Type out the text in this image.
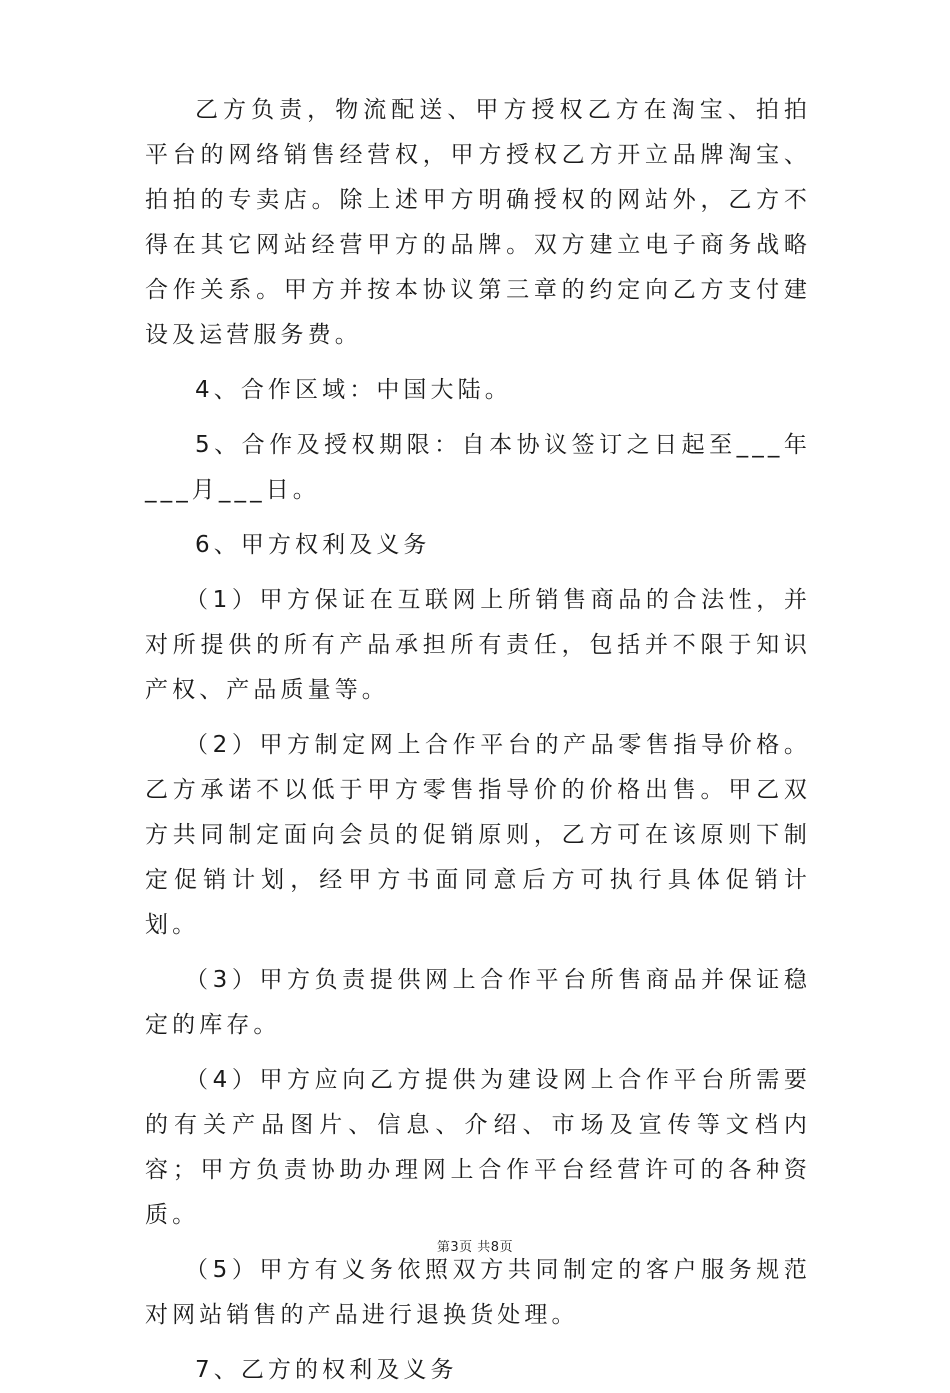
乙方负责，物流配送、甲方授权乙方在淘宝、拍拍平台的网络销售经营权，甲方授权乙方开立品牌淘宝、拍拍的专卖店。除上述甲方明确授权的网站外，乙方不得在其它网站经营甲方的品牌。双方建立电子商务战略合作关系。甲方并按本协议第三章的约定向乙方支付建设及运营服务费。

4、合作区域：中国大陆。

5、合作及授权期限：自本协议签订之日起至___年___月___日。

6、甲方权利及义务

（1）甲方保证在互联网上所销售商品的合法性，并对所提供的所有产品承担所有责任，包括并不限于知识产权、产品质量等。

（2）甲方制定网上合作平台的产品零售指导价格。乙方承诺不以低于甲方零售指导价的价格出售。甲乙双方共同制定面向会员的促销原则，乙方可在该原则下制定促销计划，经甲方书面同意后方可执行具体促销计划。

（3）甲方负责提供网上合作平台所售商品并保证稳定的库存。

（4）甲方应向乙方提供为建设网上合作平台所需要的有关产品图片、信息、介绍、市场及宣传等文档内容；甲方负责协助办理网上合作平台经营许可的各种资质。

（5）甲方有义务依照双方共同制定的客户服务规范对网站销售的产品进行退换货处理。

7、乙方的权利及义务

第3页 共8页
